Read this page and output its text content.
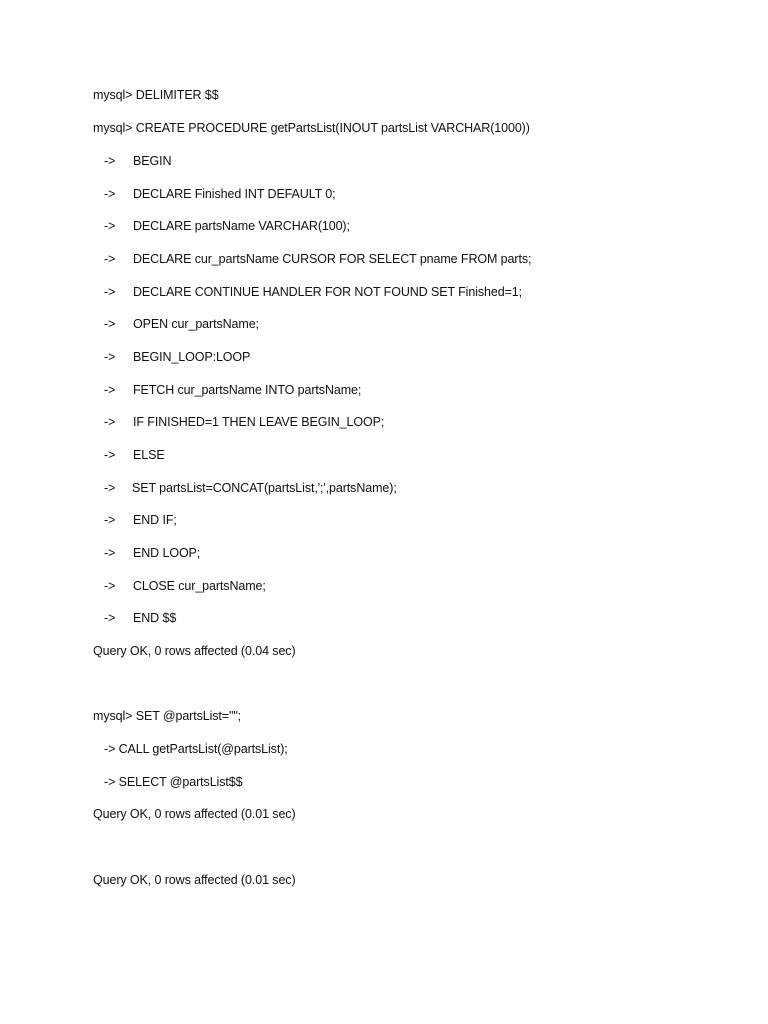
mysql> DELIMITER $$
mysql> CREATE PROCEDURE getPartsList(INOUT partsList VARCHAR(1000))
-> BEGIN
-> DECLARE Finished INT DEFAULT 0;
-> DECLARE partsName VARCHAR(100);
-> DECLARE cur_partsName CURSOR FOR SELECT pname FROM parts;
-> DECLARE CONTINUE HANDLER FOR NOT FOUND SET Finished=1;
-> OPEN cur_partsName;
-> BEGIN_LOOP:LOOP
-> FETCH cur_partsName INTO partsName;
-> IF FINISHED=1 THEN LEAVE BEGIN_LOOP;
-> ELSE
-> SET partsList=CONCAT(partsList,';',partsName);
-> END IF;
-> END LOOP;
-> CLOSE cur_partsName;
-> END $$
Query OK, 0 rows affected (0.04 sec)
mysql> SET @partsList="";
-> CALL getPartsList(@partsList);
-> SELECT @partsList$$
Query OK, 0 rows affected (0.01 sec)
Query OK, 0 rows affected (0.01 sec)
